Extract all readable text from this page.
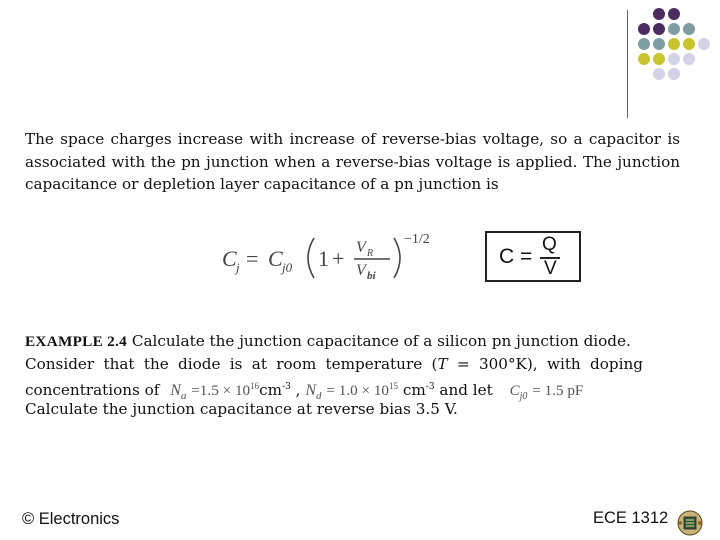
The space charges increase with increase of reverse-bias voltage, so a capacitor is associated with the pn junction when a reverse-bias voltage is applied. The junction capacitance or depletion layer capacitance of a pn junction is
C j = C j0 1 + V R
V bi
−1/2
C =
Q
V
EXAMPLE 2.4 Calculate the junction capacitance of a silicon pn junction diode.
Consider that the diode is at room temperature (T = 300°K), with doping
concentrations of $N_a =1.5 \times 10^{16}cm^{-3}$ , $N_d = 1.0 \times 10^{15}$ $cm^{-3}$ and let $C_{j0} = 1.5$ pF
Calculate the junction capacitance at reverse bias 3.5 V.
© Electronics	ECE 1312
